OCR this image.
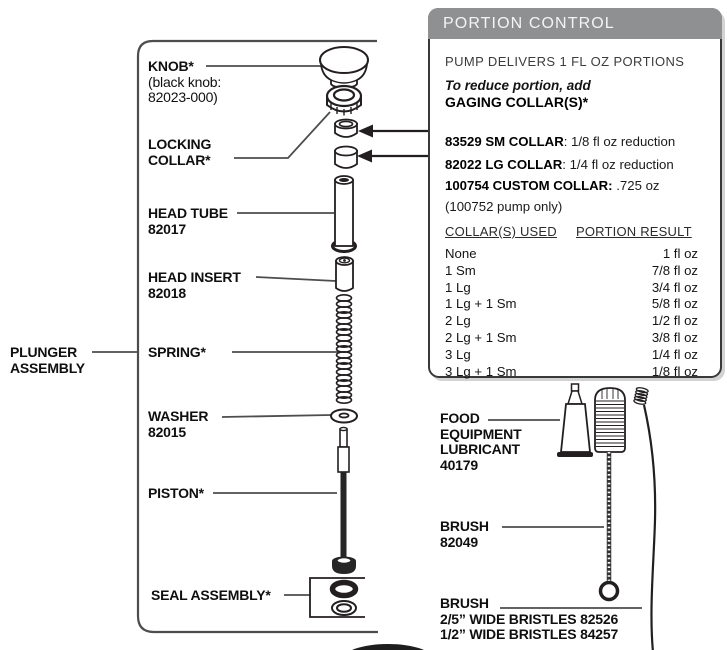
PLUNGER
ASSEMBLY
KNOB*
(black knob:
82023-000)
LOCKING
COLLAR*
HEAD TUBE
82017
HEAD INSERT
82018
SPRING*
WASHER
82015
PISTON*
SEAL ASSEMBLY*
FOOD
EQUIPMENT
LUBRICANT
40179
BRUSH
82049
BRUSH
2/5” WIDE BRISTLES 82526
1/2” WIDE BRISTLES 84257
PORTION CONTROL
PUMP DELIVERS 1 FL OZ PORTIONS
To reduce portion, add
GAGING COLLAR(S)*
83529 SM COLLAR: 1/8 fl oz reduction
82022 LG COLLAR: 1/4 fl oz reduction
100754 CUSTOM COLLAR: .725 oz
(100752 pump only)
COLLAR(S) USED PORTION RESULT
None	1 fl oz
1 Sm	7/8 fl oz
1 Lg	3/4 fl oz
1 Lg + 1 Sm	5/8 fl oz
2 Lg	1/2 fl oz
2 Lg + 1 Sm	3/8 fl oz
3 Lg	1/4 fl oz
3 Lg + 1 Sm	1/8 fl oz
